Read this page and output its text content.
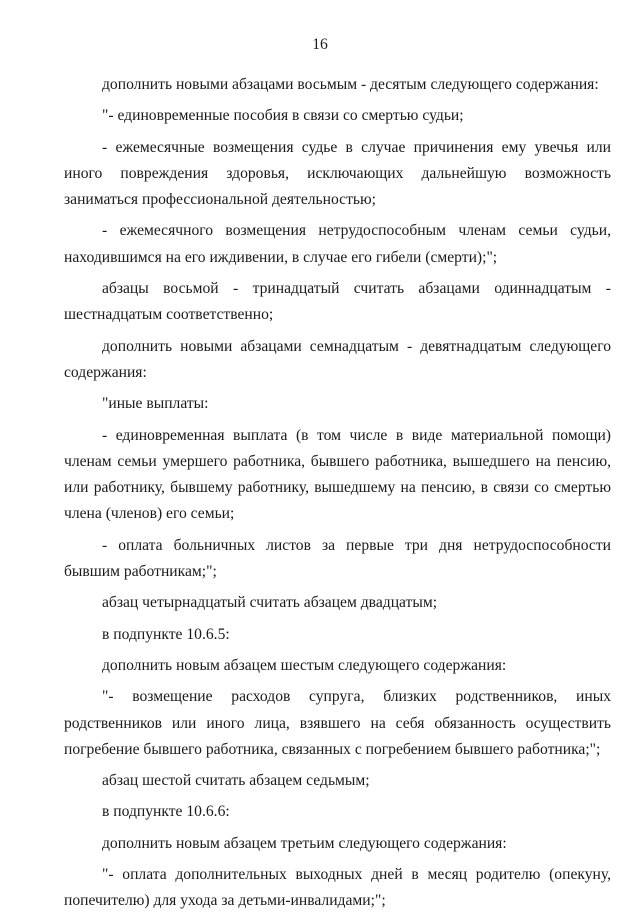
16

дополнить новыми абзацами восьмым - десятым следующего содержания:

"- единовременные пособия в связи со смертью судьи;

- ежемесячные возмещения судье в случае причинения ему увечья или иного повреждения здоровья, исключающих дальнейшую возможность заниматься профессиональной деятельностью;

- ежемесячного возмещения нетрудоспособным членам семьи судьи, находившимся на его иждивении, в случае его гибели (смерти);";

абзацы восьмой - тринадцатый считать абзацами одиннадцатым - шестнадцатым соответственно;

дополнить новыми абзацами семнадцатым - девятнадцатым следующего содержания:

"иные выплаты:

- единовременная выплата (в том числе в виде материальной помощи) членам семьи умершего работника, бывшего работника, вышедшего на пенсию, или работнику, бывшему работнику, вышедшему на пенсию, в связи со смертью члена (членов) его семьи;

- оплата больничных листов за первые три дня нетрудоспособности бывшим работникам;";

абзац четырнадцатый считать абзацем двадцатым;

в подпункте 10.6.5:

дополнить новым абзацем шестым следующего содержания:

"- возмещение расходов супруга, близких родственников, иных родственников или иного лица, взявшего на себя обязанность осуществить погребение бывшего работника, связанных с погребением бывшего работника;";

абзац шестой считать абзацем седьмым;

в подпункте 10.6.6:

дополнить новым абзацем третьим следующего содержания:

"- оплата дополнительных выходных дней в месяц родителю (опекуну, попечителю) для ухода за детьми-инвалидами;";
